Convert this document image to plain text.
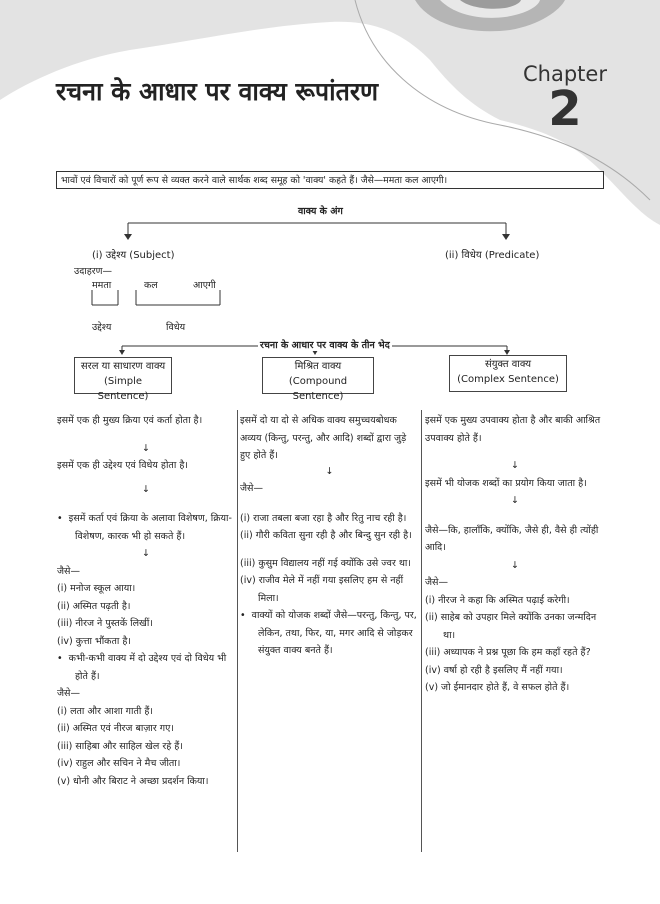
रचना के आधार पर वाक्य रूपांतरण
Chapter
2
भावों एवं विचारों को पूर्ण रूप से व्यक्त करने वाले सार्थक शब्द समूह को 'वाक्य' कहते हैं। जैसे—ममता कल आएगी।
वाक्य के अंग
(i) उद्देश्य (Subject)	(ii) विधेय (Predicate)
उदाहरण—
ममता	कल	आएगी
उद्देश्य	विधेय
रचना के आधार पर वाक्य के तीन भेद
सरल या साधारण वाक्य
(Simple Sentence)
मिश्रित वाक्य
(Compound Sentence)
संयुक्त वाक्य
(Complex Sentence)

इसमें एक ही मुख्य क्रिया एवं कर्ता होता है।

↓

इसमें एक ही उद्देश्य एवं विधेय होता है।

↓

• इसमें कर्ता एवं क्रिया के अलावा विशेषण, क्रिया-विशेषण, कारक भी हो सकते हैं।

↓

जैसे—

(i) मनोज स्कूल आया।

(ii) अस्मित पढ़ती है।

(iii) नीरज ने पुस्तकें लिखीं।

(iv) कुत्ता भौंकता है।

• कभी-कभी वाक्य में दो उद्देश्य एवं दो विधेय भी होते हैं।

जैसे—

(i) लता और आशा गाती हैं।

(ii) अस्मित एवं नीरज बाज़ार गए।

(iii) साहिबा और साहिल खेल रहे हैं।

(iv) राहुल और सचिन ने मैच जीता।

(v) धोनी और बिराट ने अच्छा प्रदर्शन किया।

इसमें दो या दो से अधिक वाक्य समुच्चयबोधक अव्यय (किन्तु, परन्तु, और आदि) शब्दों द्वारा जुड़े हुए होते हैं।

↓

जैसे—

(i) राजा तबला बजा रहा है और रितु नाच रही है।

(ii) गौरी कविता सुना रही है और बिन्दु सुन रही है।

(iii) कुसुम विद्यालय नहीं गई क्योंकि उसे ज्वर था।

(iv) राजीव मेले में नहीं गया इसलिए हम से नहीं मिला।

• वाक्यों को योजक शब्दों जैसे—परन्तु, किन्तु, पर, लेकिन, तथा, फिर, या, मगर आदि से जोड़कर संयुक्त वाक्य बनते हैं।

इसमें एक मुख्य उपवाक्य होता है और बाकी आश्रित उपवाक्य होते हैं।

↓

इसमें भी योजक शब्दों का प्रयोग किया जाता है।

↓

जैसे—कि, हालाँकि, क्योंकि, जैसे ही, वैसे ही त्योंही आदि।

↓

जैसे—

(i) नीरज ने कहा कि अस्मित पढ़ाई करेगी।

(ii) साहेब को उपहार मिले क्योंकि उनका जन्मदिन था।

(iii) अध्यापक ने प्रश्न पूछा कि हम कहाँ रहते हैं?

(iv) वर्षा हो रही है इसलिए मैं नहीं गया।

(v) जो ईमानदार होते हैं, वे सफल होते हैं।
